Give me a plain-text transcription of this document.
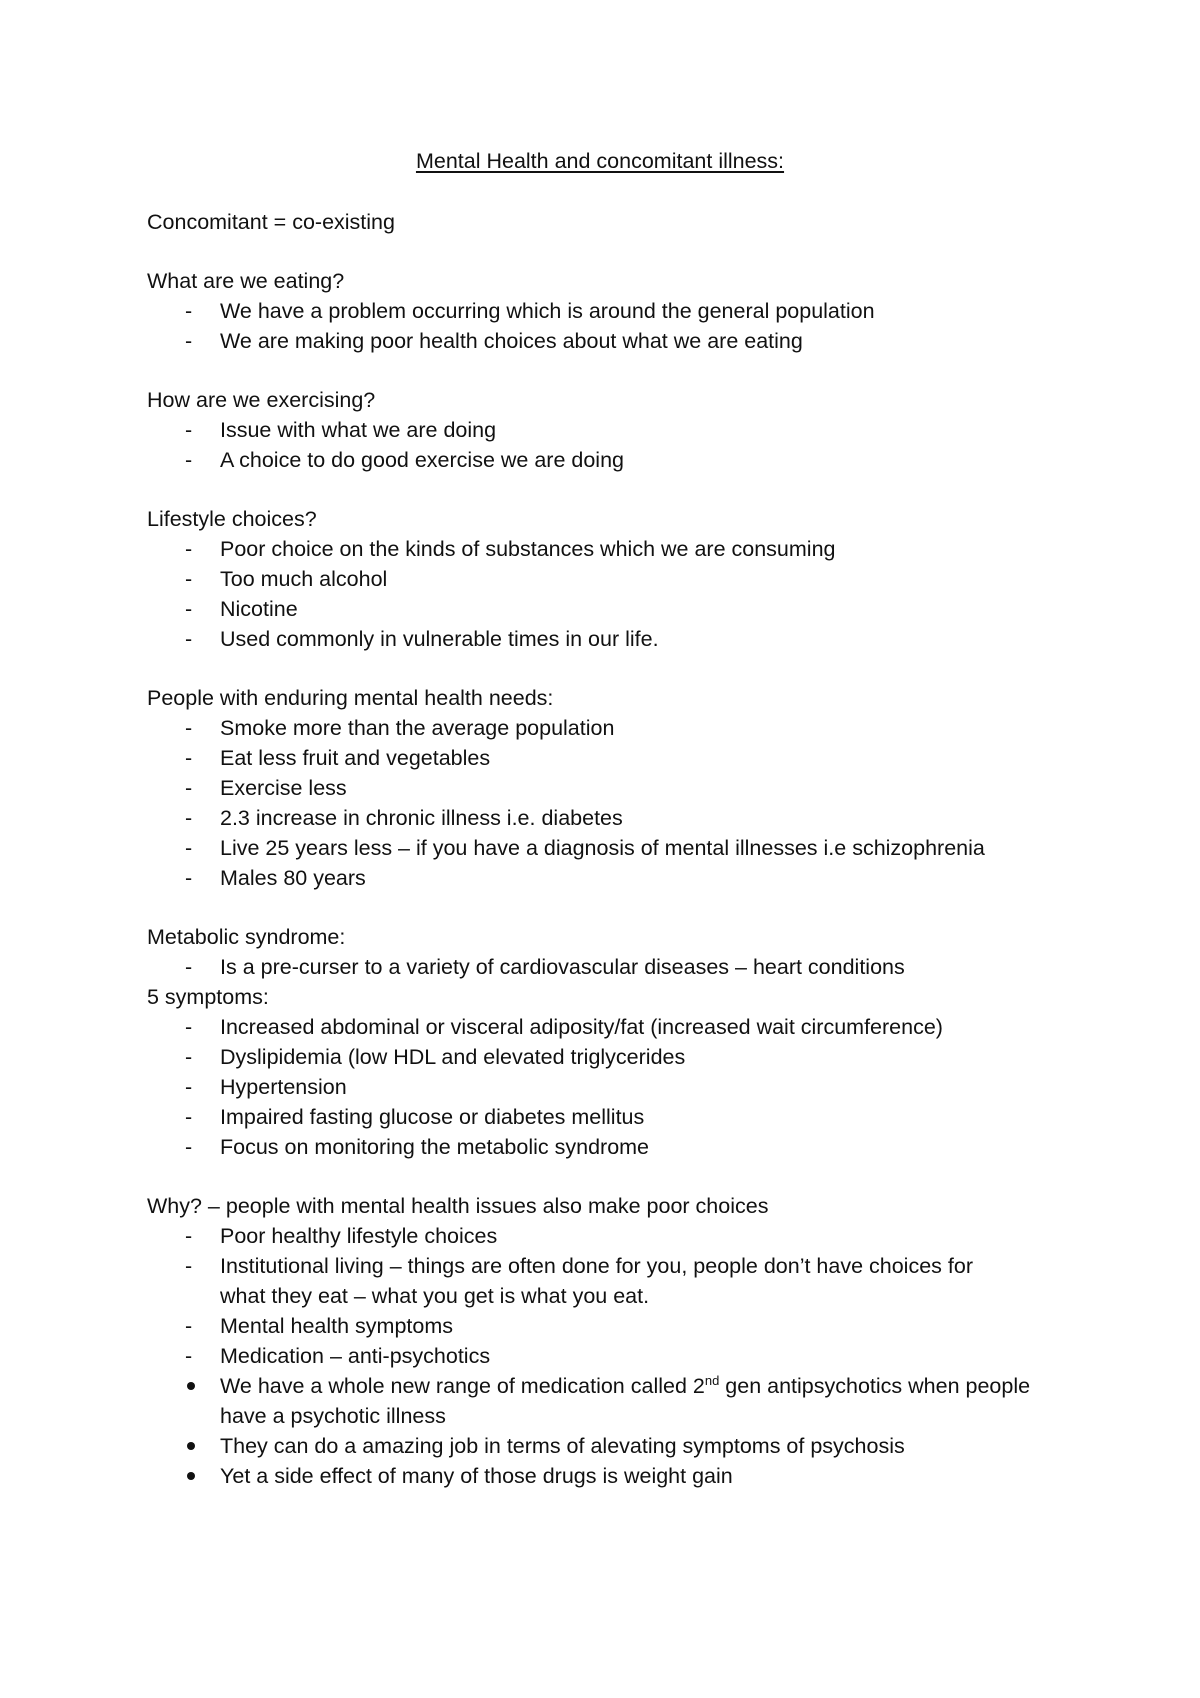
Mental Health and concomitant illness:
Concomitant = co-existing
What are we eating?
- We have a problem occurring which is around the general population
- We are making poor health choices about what we are eating
How are we exercising?
- Issue with what we are doing
- A choice to do good exercise we are doing
Lifestyle choices?
- Poor choice on the kinds of substances which we are consuming
- Too much alcohol
- Nicotine
- Used commonly in vulnerable times in our life.
People with enduring mental health needs:
- Smoke more than the average population
- Eat less fruit and vegetables
- Exercise less
- 2.3 increase in chronic illness i.e. diabetes
- Live 25 years less – if you have a diagnosis of mental illnesses i.e schizophrenia
- Males 80 years
Metabolic syndrome:
- Is a pre-curser to a variety of cardiovascular diseases – heart conditions
5 symptoms:
- Increased abdominal or visceral adiposity/fat (increased wait circumference)
- Dyslipidemia (low HDL and elevated triglycerides
- Hypertension
- Impaired fasting glucose or diabetes mellitus
- Focus on monitoring the metabolic syndrome
Why? – people with mental health issues also make poor choices
- Poor healthy lifestyle choices
- Institutional living – things are often done for you, people don’t have choices for
what they eat – what you get is what you eat.
- Mental health symptoms
- Medication – anti-psychotics
We have a whole new range of medication called 2nd gen antipsychotics when people
have a psychotic illness
They can do a amazing job in terms of alevating symptoms of psychosis
Yet a side effect of many of those drugs is weight gain
